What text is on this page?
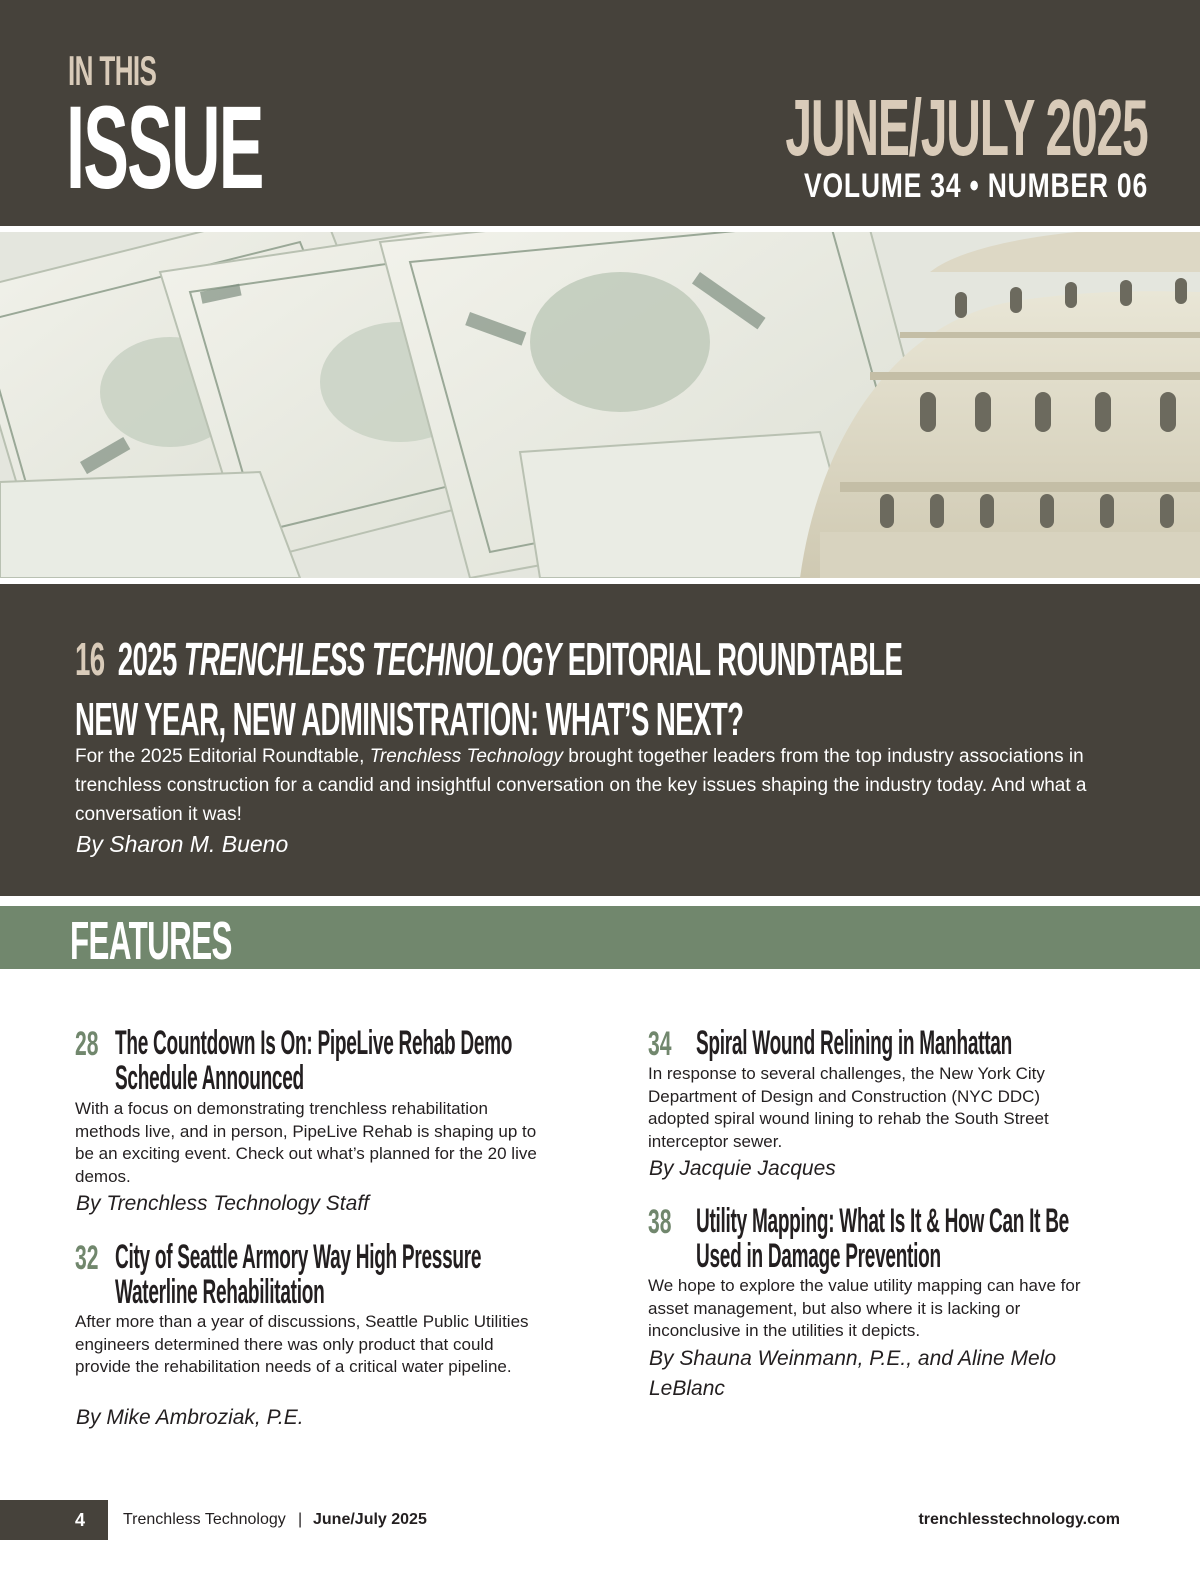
IN THIS
ISSUE	JUNE/JULY 2025
VOLUME 34 • NUMBER 06
16 2025 TRENCHLESS TECHNOLOGY EDITORIAL ROUNDTABLE
NEW YEAR, NEW ADMINISTRATION: WHAT’S NEXT?
For the 2025 Editorial Roundtable, Trenchless Technology brought together leaders from the top industry associations in trenchless construction for a candid and insightful conversation on the key issues shaping the industry today. And what a conversation it was!
By Sharon M. Bueno
FEATURES
28 The Countdown Is On: PipeLive Rehab Demo
Schedule Announced
With a focus on demonstrating trenchless rehabilitation methods live, and in person, PipeLive Rehab is shaping up to be an exciting event. Check out what’s planned for the 20 live demos.
By Trenchless Technology Staff
32 City of Seattle Armory Way High Pressure
Waterline Rehabilitation
After more than a year of discussions, Seattle Public Utilities engineers determined there was only product that could provide the rehabilitation needs of a critical water pipeline.
By Mike Ambroziak, P.E.
34 Spiral Wound Relining in Manhattan
In response to several challenges, the New York City Department of Design and Construction (NYC DDC) adopted spiral wound lining to rehab the South Street interceptor sewer.
By Jacquie Jacques
38 Utility Mapping: What Is It & How Can It Be
Used in Damage Prevention
We hope to explore the value utility mapping can have for asset management, but also where it is lacking or inconclusive in the utilities it depicts.
By Shauna Weinmann, P.E., and Aline Melo LeBlanc
4	Trenchless Technology | June/July 2025	trenchlesstechnology.com
